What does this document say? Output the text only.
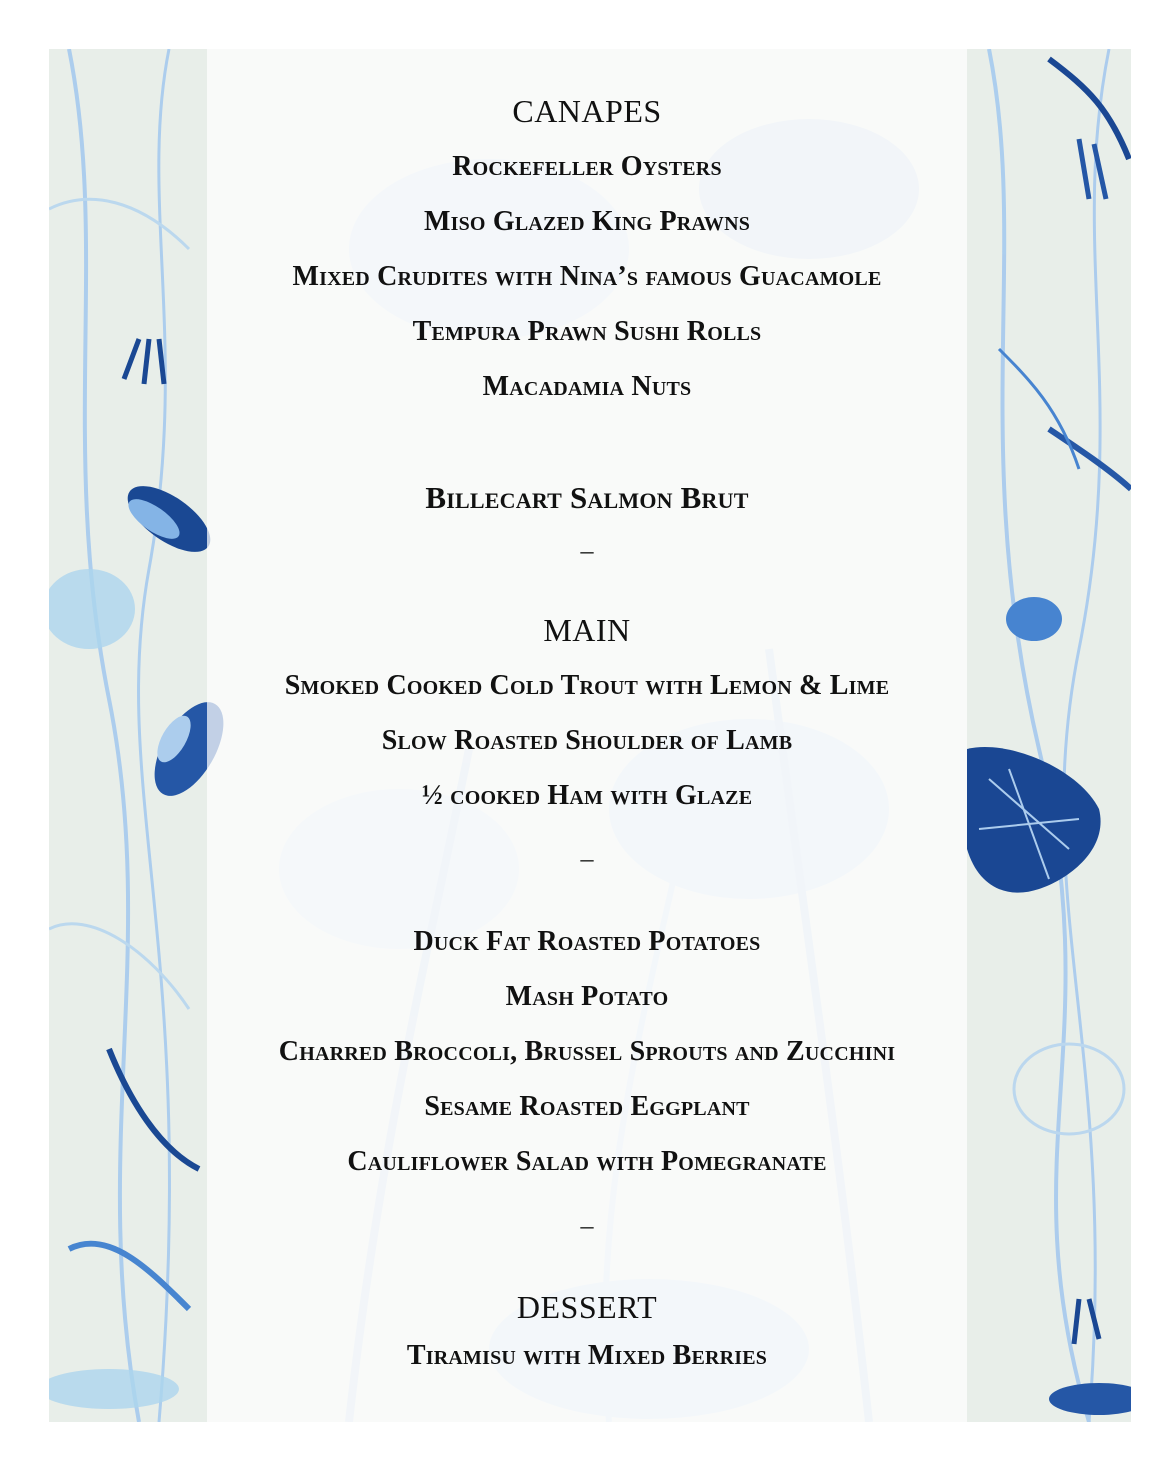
CANAPES
Rockefeller Oysters
Miso Glazed King Prawns
Mixed Crudites with Nina’s famous Guacamole
Tempura Prawn Sushi Rolls
Macadamia Nuts
Billecart Salmon Brut
–
MAIN
Smoked Cooked Cold Trout with Lemon & Lime
Slow Roasted Shoulder of Lamb
½ cooked Ham with Glaze
–
Duck Fat Roasted Potatoes
Mash Potato
Charred Broccoli, Brussel Sprouts and Zucchini
Sesame Roasted Eggplant
Cauliflower Salad with Pomegranate
–
DESSERT
Tiramisu with Mixed Berries
